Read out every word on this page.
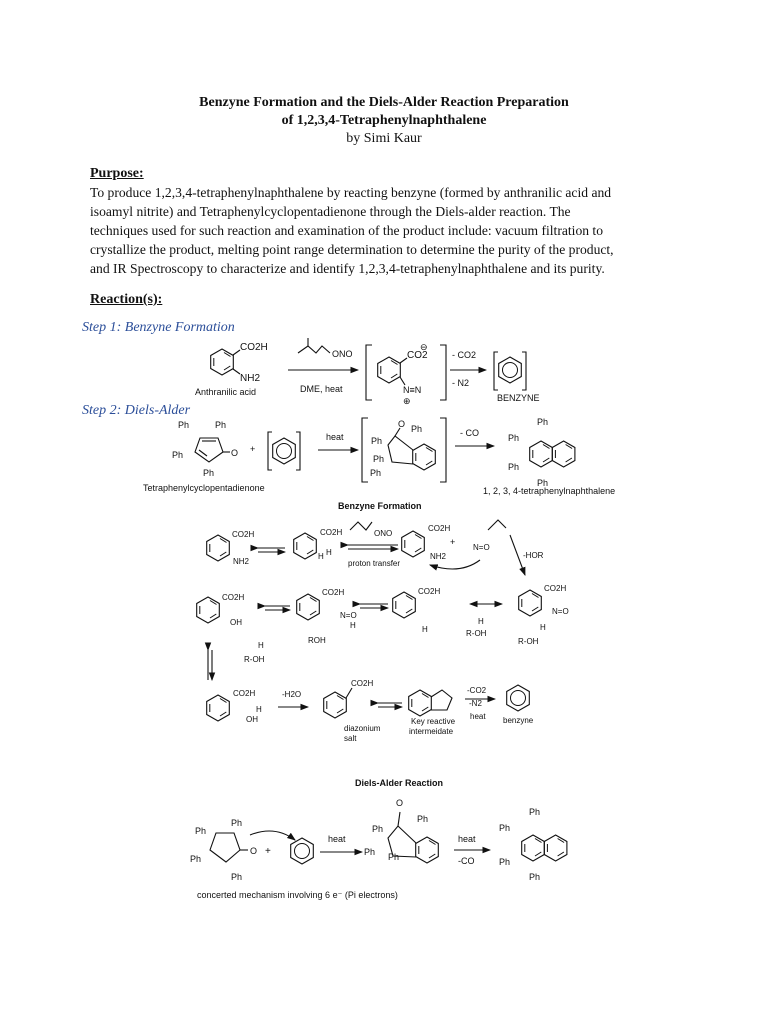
Benzyne Formation and the Diels-Alder Reaction Preparation
of 1,2,3,4-Tetraphenylnaphthalene
by Simi Kaur
Purpose:
To produce 1,2,3,4-tetraphenylnaphthalene by reacting benzyne (formed by anthranilic acid and
isoamyl nitrite) and Tetraphenylcyclopentadienone through the Diels-alder reaction. The
techniques used for such reaction and examination of the product include: vacuum filtration to
crystallize the product, melting point range determination to determine the purity of the product,
and IR Spectroscopy to characterize and identify 1,2,3,4-tetraphenylnaphthalene and its purity.
Reaction(s):
Step 1: Benzyne Formation
Step 2: Diels-Alder
CO2H
NH2
Anthranilic acid
ONO
DME, heat
CO2
⊖
N≡N
⊕
- CO2
- N2
BENZYNE
O
Ph	Ph
Ph
Ph
Tetraphenylcyclopentadienone
+
heat
O Ph
Ph
Ph
Ph
- CO
Ph
Ph
Ph
Ph
1, 2, 3, 4-tetraphenylnaphthalene
Benzyne Formation
CO2H
NH2
CO2H
H H
ONO
proton transfer
CO2H
NH2
+
N=O
-HOR
CO2H
OH
H
R-OH
CO2H
N=O
H
ROH
CO2H
H
H
R-OH
CO2H
N=O
H
R-OH
CO2H
H
OH
-H2O
CO2H
diazonium
salt
Key reactive
intermeidate
-CO2
-N2
heat benzyne
Diels-Alder Reaction
O
Ph
Ph
Ph
Ph
+
heat
O
Ph
Ph
Ph Ph
heat
-CO
Ph
Ph
Ph
Ph
concerted mechanism involving 6 e⁻ (Pi electrons)
